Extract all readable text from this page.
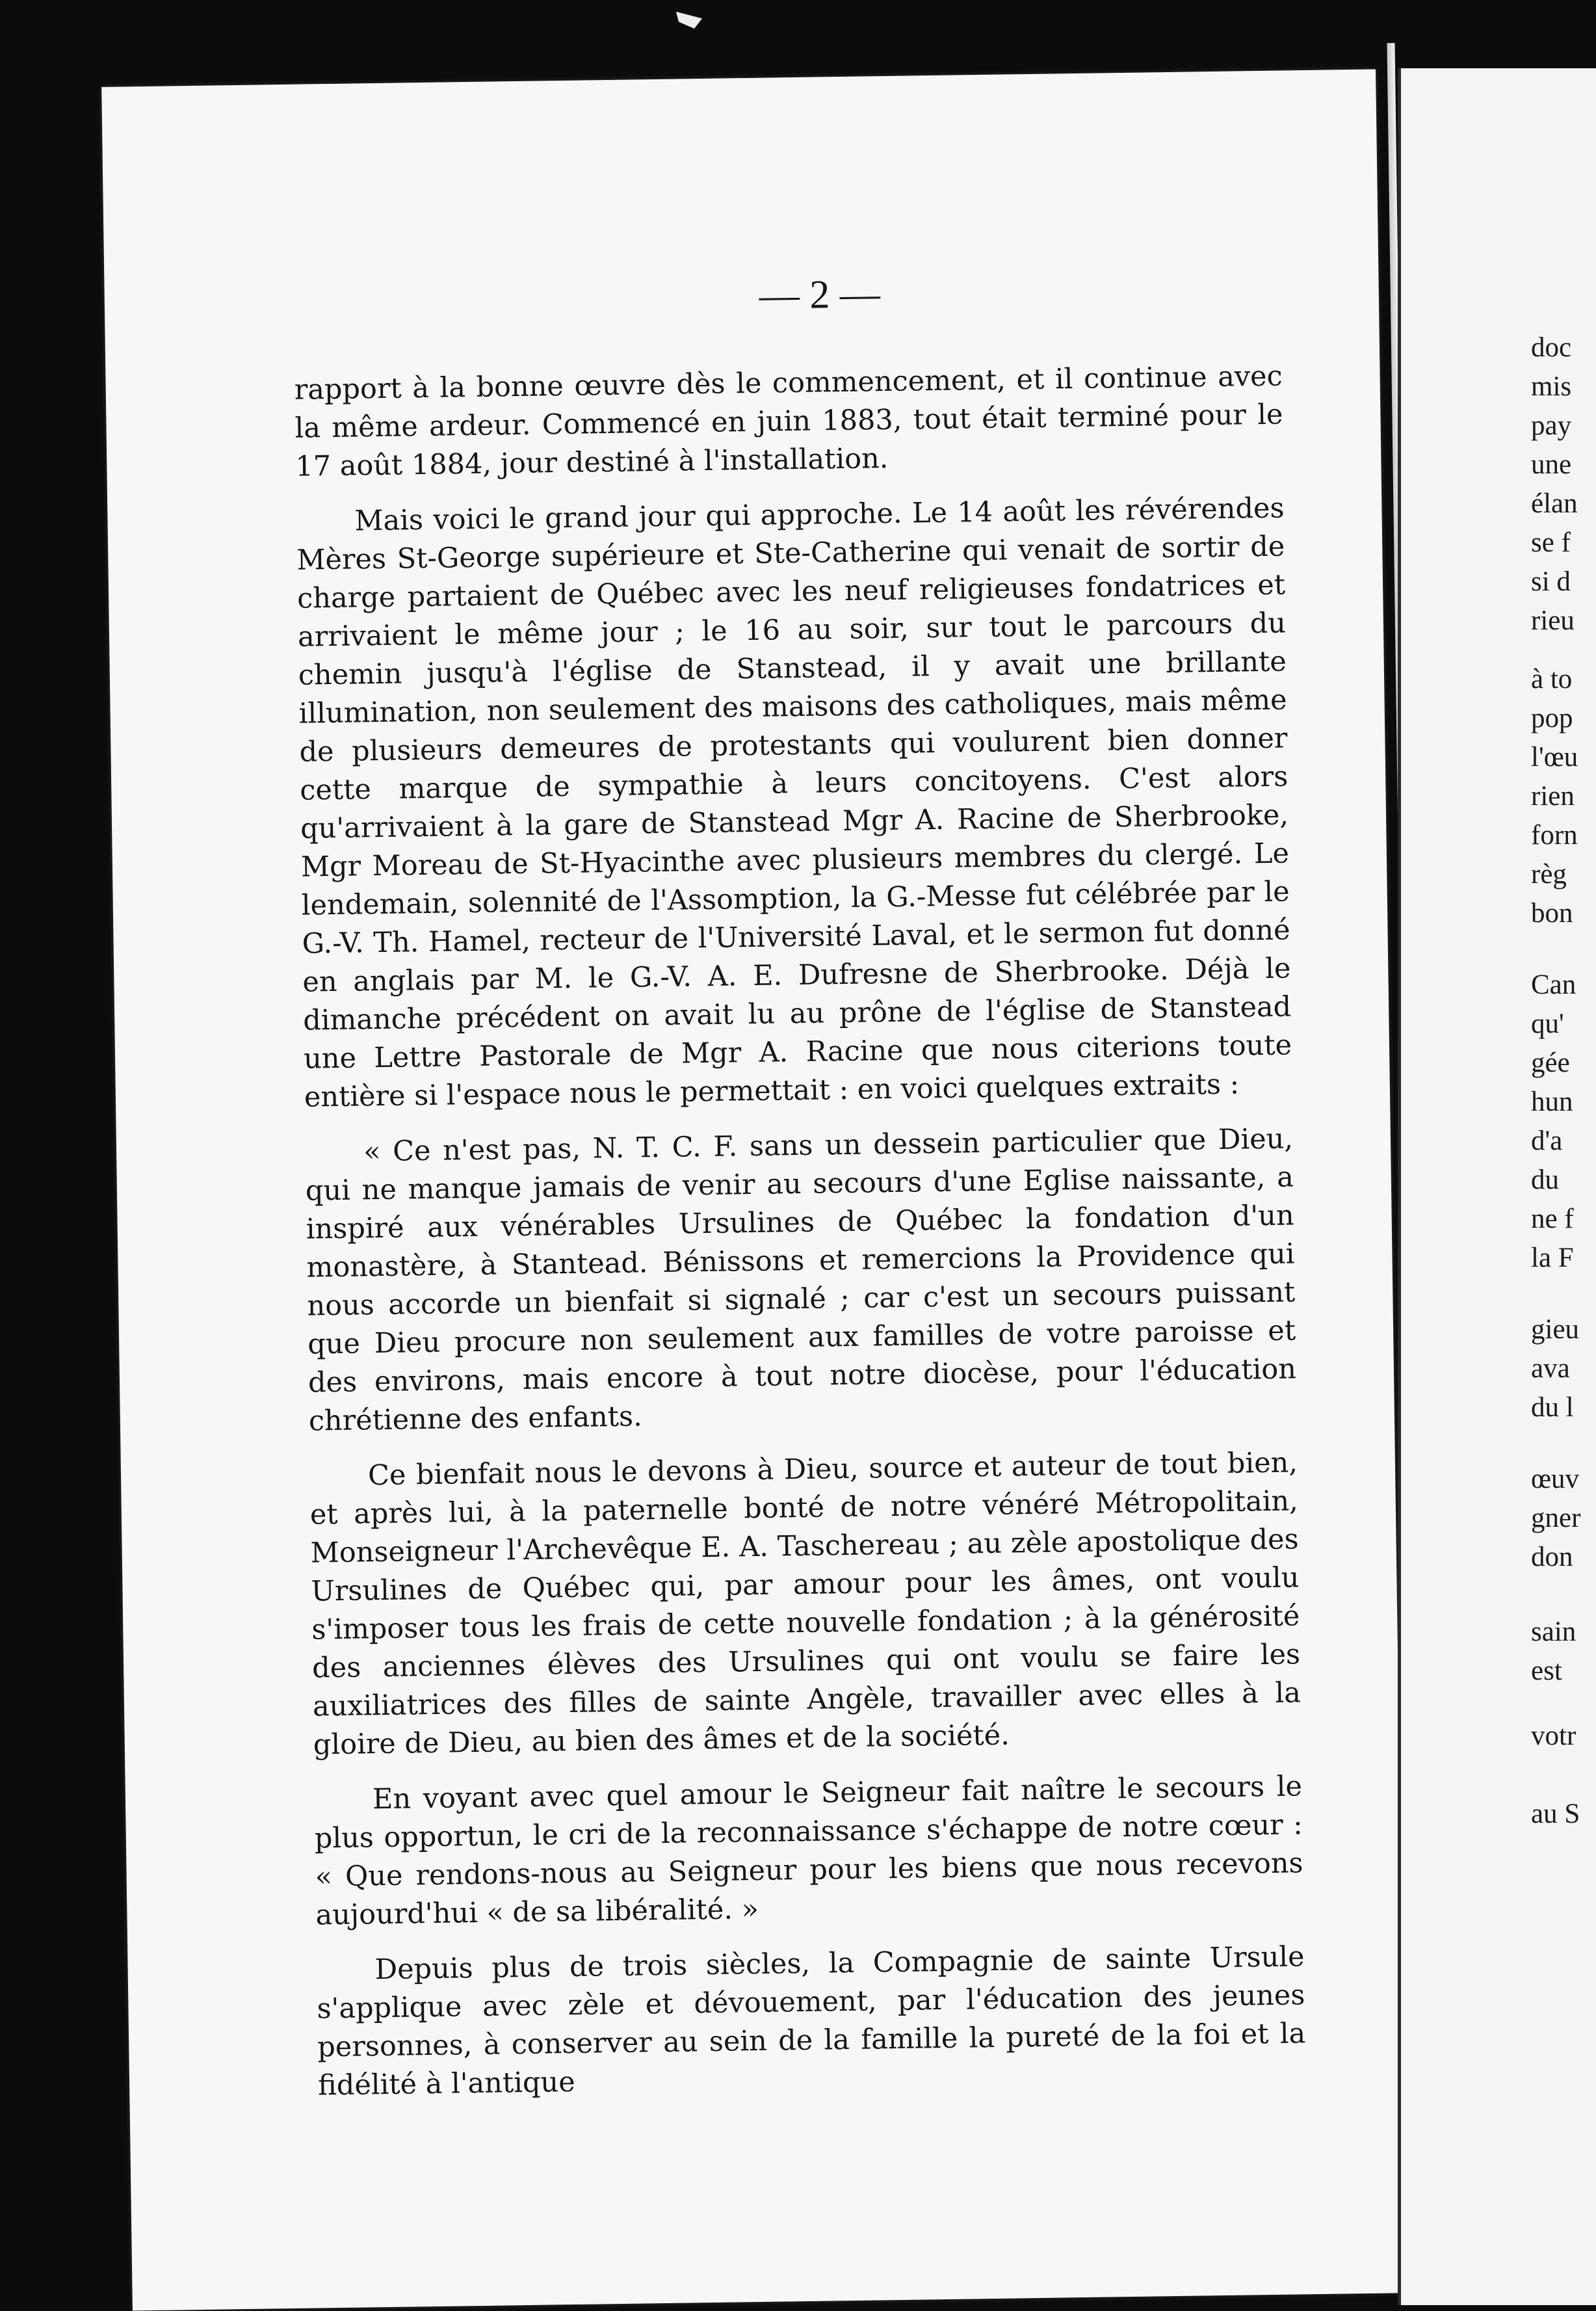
— 2 —

rapport à la bonne œuvre dès le commencement, et il continue avec la même ardeur. Commencé en juin 1883, tout était terminé pour le 17 août 1884, jour destiné à l'installation.

Mais voici le grand jour qui approche. Le 14 août les révérendes Mères St-George supérieure et Ste-Catherine qui venait de sortir de charge partaient de Québec avec les neuf religieuses fondatrices et arrivaient le même jour ; le 16 au soir, sur tout le parcours du chemin jusqu'à l'église de Stanstead, il y avait une brillante illumination, non seulement des maisons des catholiques, mais même de plusieurs demeures de protestants qui voulurent bien donner cette marque de sympathie à leurs concitoyens. C'est alors qu'arrivaient à la gare de Stanstead Mgr A. Racine de Sherbrooke, Mgr Moreau de St-Hyacinthe avec plusieurs membres du clergé. Le lendemain, solennité de l'Assomption, la G.-Messe fut célébrée par le G.-V. Th. Hamel, recteur de l'Université Laval, et le sermon fut donné en anglais par M. le G.-V. A. E. Dufresne de Sherbrooke. Déjà le dimanche précédent on avait lu au prône de l'église de Stanstead une Lettre Pastorale de Mgr A. Racine que nous citerions toute entière si l'espace nous le permettait : en voici quelques extraits :

« Ce n'est pas, N. T. C. F. sans un dessein particulier que Dieu, qui ne manque jamais de venir au secours d'une Eglise naissante, a inspiré aux vénérables Ursulines de Québec la fondation d'un monastère, à Stantead. Bénissons et remercions la Providence qui nous accorde un bienfait si signalé ; car c'est un secours puissant que Dieu procure non seulement aux familles de votre paroisse et des environs, mais encore à tout notre diocèse, pour l'éducation chrétienne des enfants.

Ce bienfait nous le devons à Dieu, source et auteur de tout bien, et après lui, à la paternelle bonté de notre vénéré Métropolitain, Monseigneur l'Archevêque E. A. Taschereau ; au zèle apostolique des Ursulines de Québec qui, par amour pour les âmes, ont voulu s'imposer tous les frais de cette nouvelle fondation ; à la générosité des anciennes élèves des Ursulines qui ont voulu se faire les auxiliatrices des filles de sainte Angèle, travailler avec elles à la gloire de Dieu, au bien des âmes et de la société.

En voyant avec quel amour le Seigneur fait naître le secours le plus opportun, le cri de la reconnaissance s'échappe de notre cœur : « Que rendons-nous au Seigneur pour les biens que nous recevons aujourd'hui « de sa libéralité. »

Depuis plus de trois siècles, la Compagnie de sainte Ursule s'applique avec zèle et dévouement, par l'éducation des jeunes personnes, à conserver au sein de la famille la pureté de la foi et la fidélité à l'antique

doc
mis
pay
une
élan
se f
si d
rieu
à to
pop
l'œu
rien
forn
règ
bon
Can
qu'
gée
hun
d'a
du
ne f
la F
gieu
ava
du l
œuv
gner
don
sain
est
votr
au S
